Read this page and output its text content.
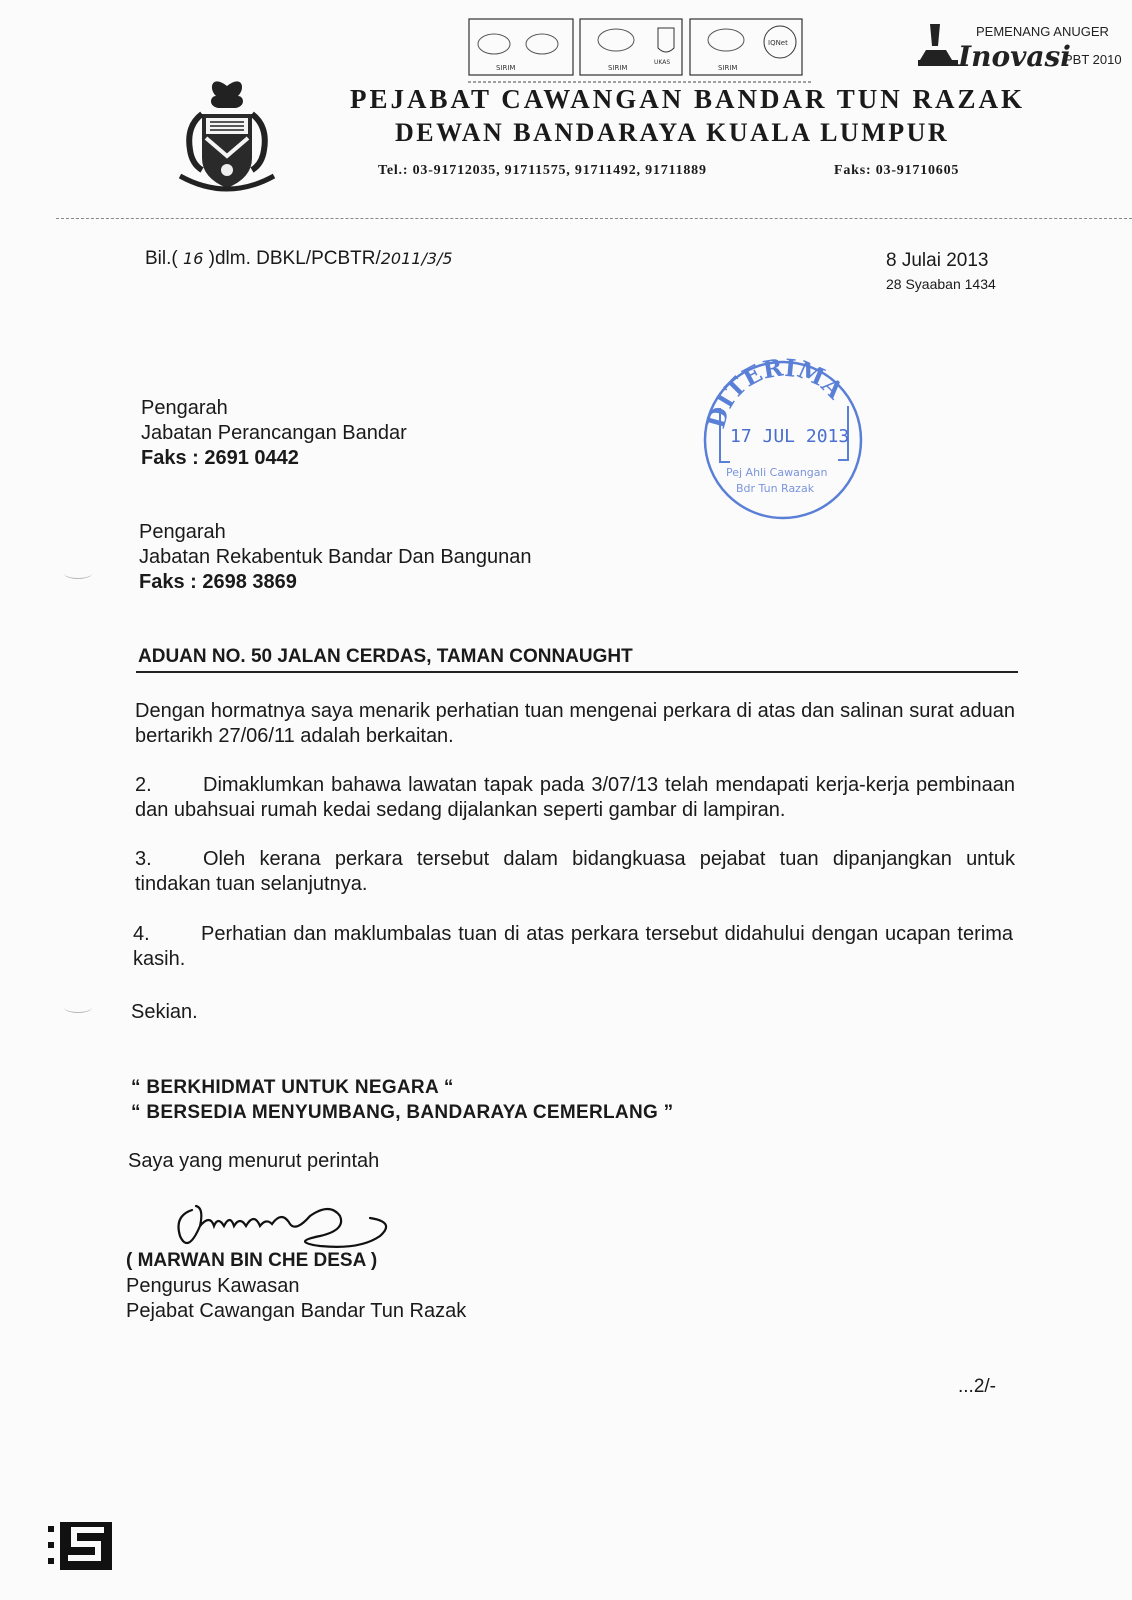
SIRIM	SIRIM
UKAS
SIRIM
IQNet
PEMENANG ANUGER
Inovasi
PBT 2010
PEJABAT CAWANGAN BANDAR TUN RAZAK
DEWAN BANDARAYA KUALA LUMPUR
Tel.: 03-91712035, 91711575, 91711492, 91711889	Faks: 03-91710605
Bil.( 16 )dlm. DBKL/PCBTR/2011/3/5	8 Julai 2013
28 Syaaban 1434
Pengarah
Jabatan Perancangan Bandar
Faks : 2691 0442
Pengarah
Jabatan Rekabentuk Bandar Dan Bangunan
Faks : 2698 3869
DITERIMA
17 JUL 2013
Pej Ahli Cawangan
Bdr Tun Razak
ADUAN NO. 50 JALAN CERDAS, TAMAN CONNAUGHT
Dengan hormatnya saya menarik perhatian tuan mengenai perkara di atas dan salinan surat aduan bertarikh 27/06/11 adalah berkaitan.
2.	Dimaklumkan bahawa lawatan tapak pada 3/07/13 telah mendapati kerja-kerja pembinaan dan ubahsuai rumah kedai sedang dijalankan seperti gambar di lampiran.
3.	Oleh kerana perkara tersebut dalam bidangkuasa pejabat tuan dipanjangkan untuk tindakan tuan selanjutnya.
4.	Perhatian dan maklumbalas tuan di atas perkara tersebut didahului dengan ucapan terima kasih.
Sekian.
“ BERKHIDMAT UNTUK NEGARA “
“ BERSEDIA MENYUMBANG, BANDARAYA CEMERLANG ”
Saya yang menurut perintah
( MARWAN BIN CHE DESA )
Pengurus Kawasan
Pejabat Cawangan Bandar Tun Razak
...2/-
